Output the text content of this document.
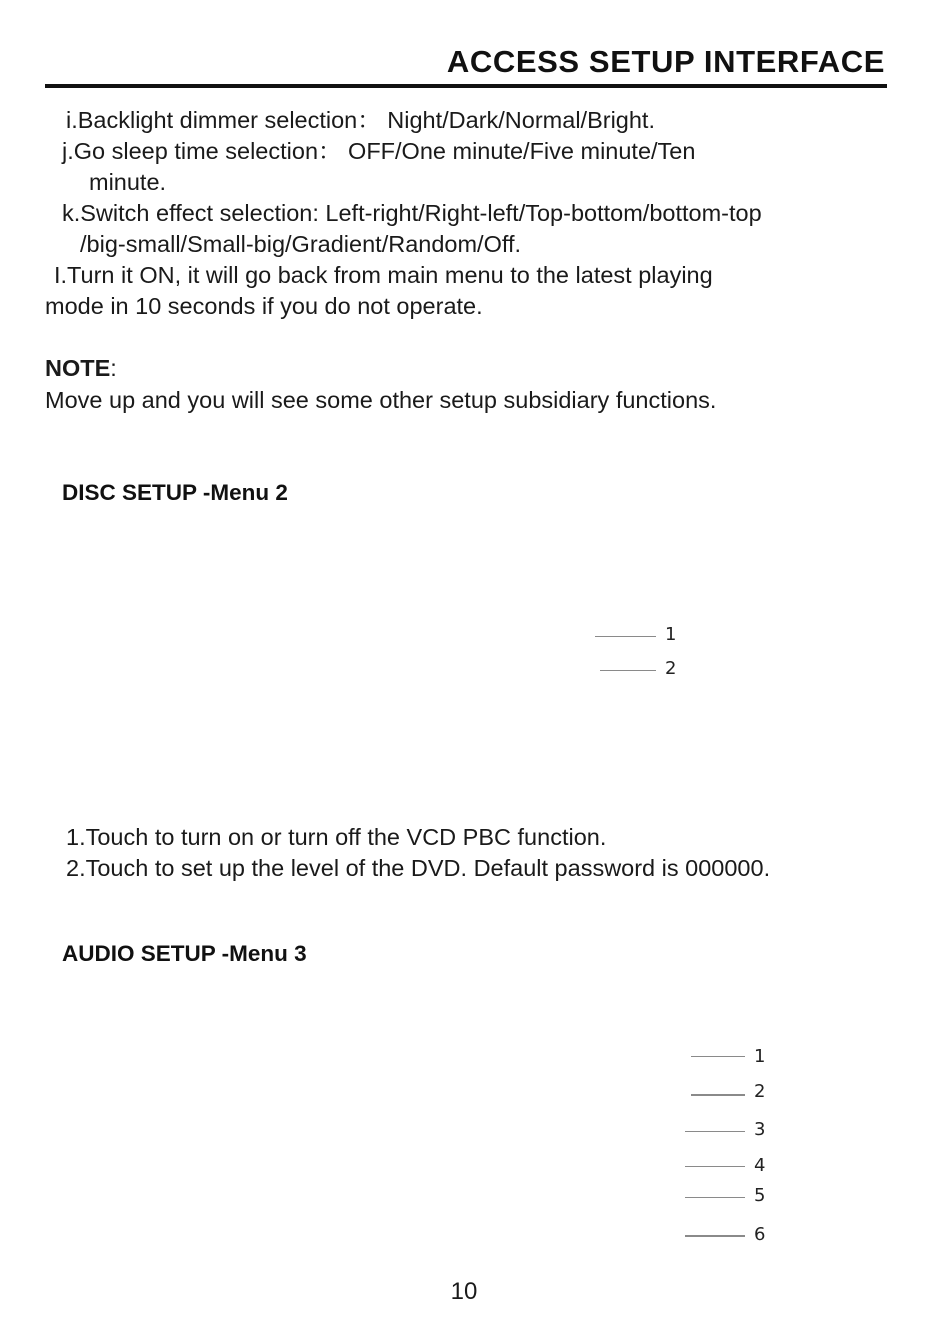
ACCESS SETUP INTERFACE
i.Backlight dimmer selection： Night/Dark/Normal/Bright.
j.Go sleep time selection： OFF/One minute/Five minute/Ten
minute.
k.Switch effect selection: Left-right/Right-left/Top-bottom/bottom-top
/big-small/Small-big/Gradient/Random/Off.
I.Turn it ON, it will go back from main menu to the latest playing
mode in 10 seconds if you do not operate.
NOTE:
Move up and you will see some other setup subsidiary functions.
DISC SETUP -Menu 2
1
2
1.Touch to turn on or turn off the VCD PBC function.
2.Touch to set up the level of the DVD. Default password is 000000.
AUDIO SETUP -Menu 3
1
2
3
4
5
6
10
